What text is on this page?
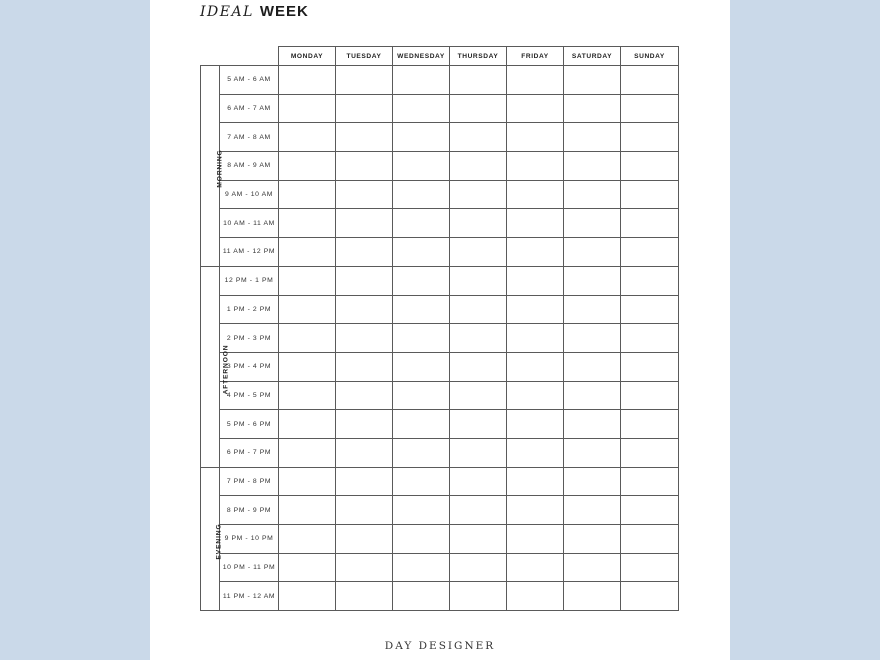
IDEAL WEEK
		MONDAY	TUESDAY	WEDNESDAY	THURSDAY	FRIDAY	SATURDAY	SUNDAY
MORNING	5 AM - 6 AM							
	6 AM - 7 AM							
	7 AM - 8 AM							
	8 AM - 9 AM							
	9 AM - 10 AM							
	10 AM - 11 AM							
	11 AM - 12 PM							
AFTERNOON	12 PM - 1 PM							
	1 PM - 2 PM							
	2 PM - 3 PM							
	3 PM - 4 PM							
	4 PM - 5 PM							
	5 PM - 6 PM							
	6 PM - 7 PM							
EVENING	7 PM - 8 PM							
	8 PM - 9 PM							
	9 PM - 10 PM							
	10 PM - 11 PM							
	11 PM - 12 AM							
DAY DESIGNER
